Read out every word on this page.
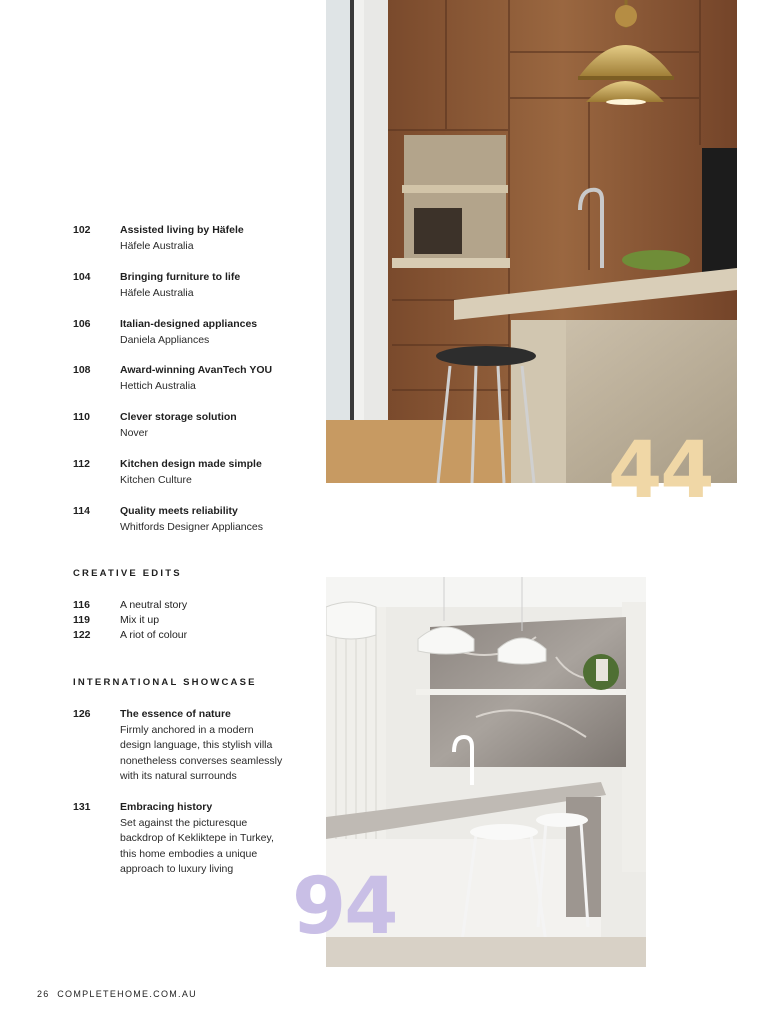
102	Assisted living by Häfele
Häfele Australia
104	Bringing furniture to life
Häfele Australia
106	Italian-designed appliances
Daniela Appliances
108	Award-winning AvanTech YOU
Hettich Australia
110	Clever storage solution
Nover
112	Kitchen design made simple
Kitchen Culture
114	Quality meets reliability
Whitfords Designer Appliances
CREATIVE EDITS
116	A neutral story
119	Mix it up
122	A riot of colour
INTERNATIONAL SHOWCASE
126	The essence of nature
Firmly anchored in a modern
design language, this stylish villa
nonetheless converses seamlessly
with its natural surrounds
131	Embracing history
Set against the picturesque
backdrop of Kekliktepe in Turkey,
this home embodies a unique
approach to luxury living
44
94
26 COMPLETEHOME.COM.AU
